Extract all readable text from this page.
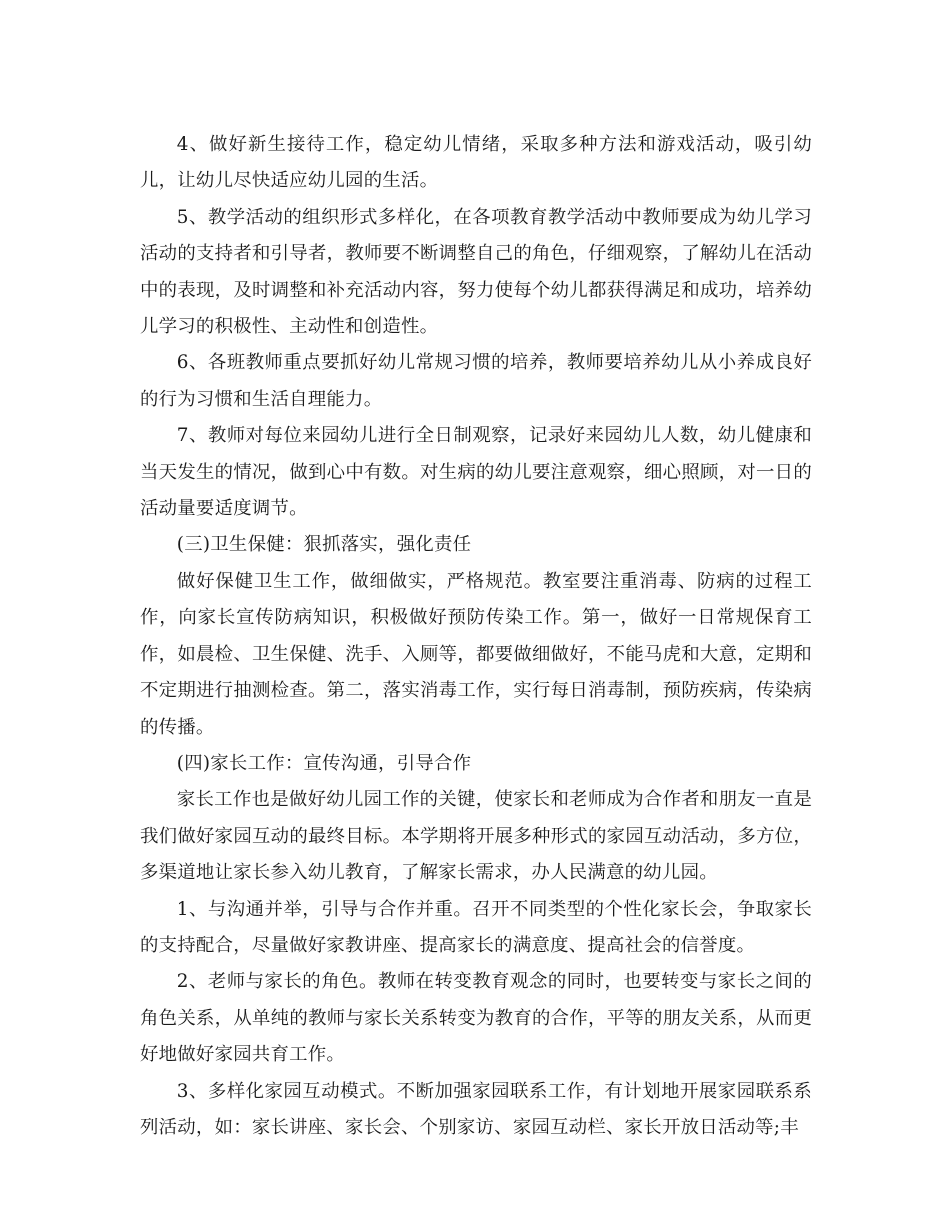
4、做好新生接待工作，稳定幼儿情绪，采取多种方法和游戏活动，吸引幼儿，让幼儿尽快适应幼儿园的生活。

5、教学活动的组织形式多样化，在各项教育教学活动中教师要成为幼儿学习活动的支持者和引导者，教师要不断调整自己的角色，仔细观察，了解幼儿在活动中的表现，及时调整和补充活动内容，努力使每个幼儿都获得满足和成功，培养幼儿学习的积极性、主动性和创造性。

6、各班教师重点要抓好幼儿常规习惯的培养，教师要培养幼儿从小养成良好的行为习惯和生活自理能力。

7、教师对每位来园幼儿进行全日制观察，记录好来园幼儿人数，幼儿健康和当天发生的情况，做到心中有数。对生病的幼儿要注意观察，细心照顾，对一日的活动量要适度调节。

(三)卫生保健：狠抓落实，强化责任

做好保健卫生工作，做细做实，严格规范。教室要注重消毒、防病的过程工作，向家长宣传防病知识，积极做好预防传染工作。第一，做好一日常规保育工作，如晨检、卫生保健、洗手、入厕等，都要做细做好，不能马虎和大意，定期和不定期进行抽测检查。第二，落实消毒工作，实行每日消毒制，预防疾病，传染病的传播。

(四)家长工作：宣传沟通，引导合作

家长工作也是做好幼儿园工作的关键，使家长和老师成为合作者和朋友一直是我们做好家园互动的最终目标。本学期将开展多种形式的家园互动活动，多方位，多渠道地让家长参入幼儿教育，了解家长需求，办人民满意的幼儿园。

1、与沟通并举，引导与合作并重。召开不同类型的个性化家长会，争取家长的支持配合，尽量做好家教讲座、提高家长的满意度、提高社会的信誉度。

2、老师与家长的角色。教师在转变教育观念的同时，也要转变与家长之间的角色关系，从单纯的教师与家长关系转变为教育的合作，平等的朋友关系，从而更好地做好家园共育工作。

3、多样化家园互动模式。不断加强家园联系工作，有计划地开展家园联系系列活动，如：家长讲座、家长会、个别家访、家园互动栏、家长开放日活动等;丰
